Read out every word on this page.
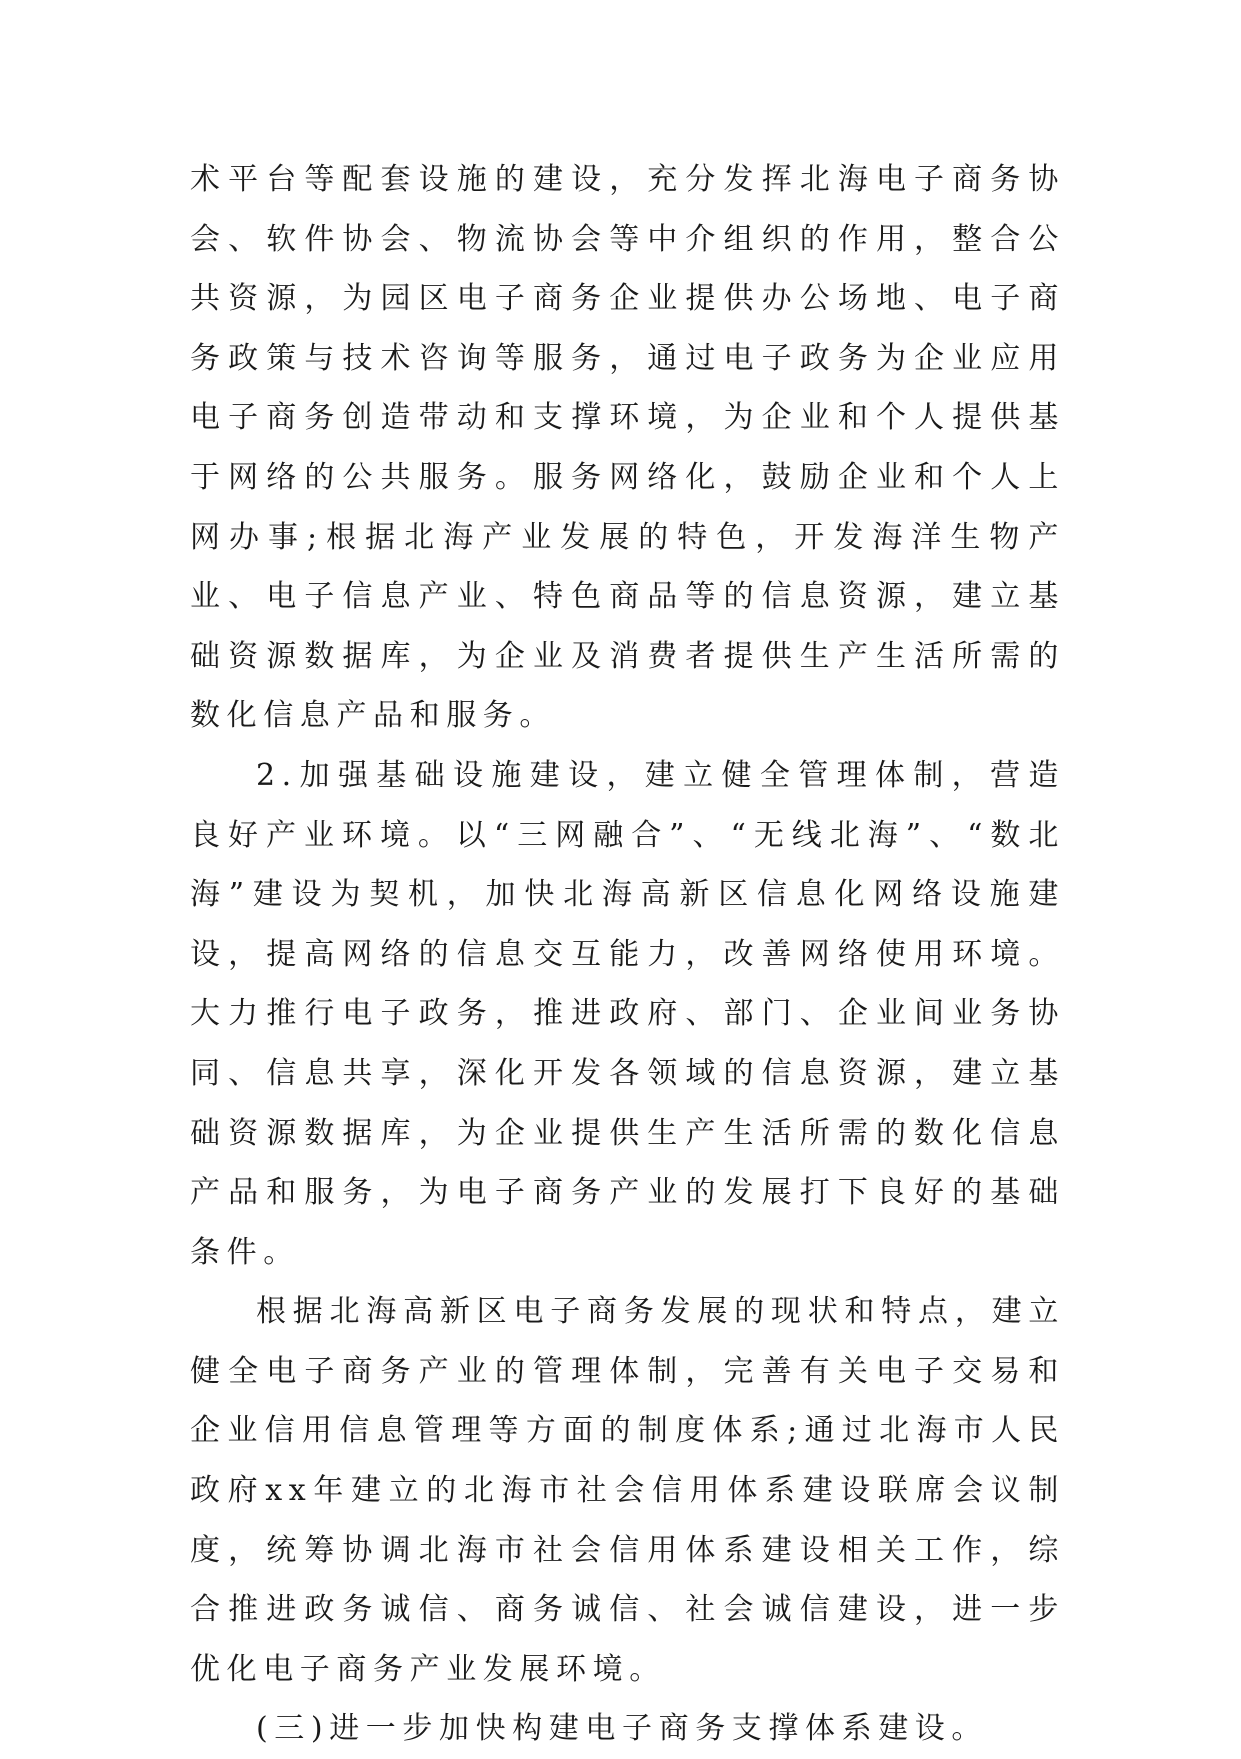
术平台等配套设施的建设，充分发挥北海电子商务协会、软件协会、物流协会等中介组织的作用，整合公共资源，为园区电子商务企业提供办公场地、电子商务政策与技术咨询等服务，通过电子政务为企业应用电子商务创造带动和支撑环境，为企业和个人提供基于网络的公共服务。服务网络化，鼓励企业和个人上网办事;根据北海产业发展的特色，开发海洋生物产业、电子信息产业、特色商品等的信息资源，建立基础资源数据库，为企业及消费者提供生产生活所需的数化信息产品和服务。

2.加强基础设施建设，建立健全管理体制，营造良好产业环境。以“三网融合”、“无线北海”、“数北海”建设为契机，加快北海高新区信息化网络设施建设，提高网络的信息交互能力，改善网络使用环境。大力推行电子政务，推进政府、部门、企业间业务协同、信息共享，深化开发各领域的信息资源，建立基础资源数据库，为企业提供生产生活所需的数化信息产品和服务，为电子商务产业的发展打下良好的基础条件。

根据北海高新区电子商务发展的现状和特点，建立健全电子商务产业的管理体制，完善有关电子交易和企业信用信息管理等方面的制度体系;通过北海市人民政府xx年建立的北海市社会信用体系建设联席会议制度，统筹协调北海市社会信用体系建设相关工作，综合推进政务诚信、商务诚信、社会诚信建设，进一步优化电子商务产业发展环境。

(三)进一步加快构建电子商务支撑体系建设。
